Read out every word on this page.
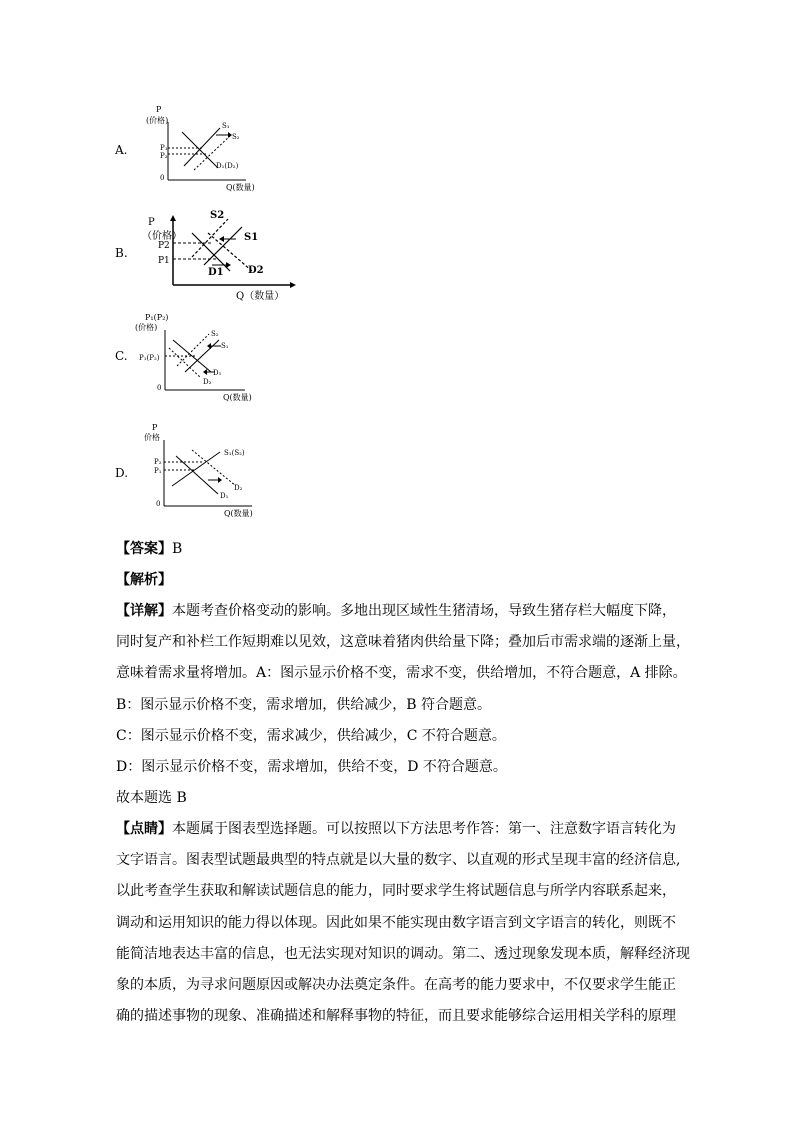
A.
P
(价格)
0
Q(数量)
S₁
S₂
P₁
P₂
D₁(D₂)
B.
P
（价格）
Q（数量）
S2
S1
P2
P1
D1 D2
C.
P₁(P₂)
(价格)
0
Q(数量)
S₂
S₁
P₁(P₂)
D₁
D₂
D.
P
价格
0
Q(数量)
S₁(S₂)
P₂
P₁
D₁
D₂
【答案】B
【解析】
【详解】本题考查价格变动的影响。多地出现区域性生猪清场，导致生猪存栏大幅度下降，
同时复产和补栏工作短期难以见效，这意味着猪肉供给量下降；叠加后市需求端的逐渐上量，
意味着需求量将增加。A：图示显示价格不变，需求不变，供给增加，不符合题意，A 排除。
B：图示显示价格不变，需求增加，供给减少，B 符合题意。
C：图示显示价格不变，需求减少，供给减少，C 不符合题意。
D：图示显示价格不变，需求增加，供给不变，D 不符合题意。
故本题选 B
【点睛】本题属于图表型选择题。可以按照以下方法思考作答：第一、注意数字语言转化为
文字语言。图表型试题最典型的特点就是以大量的数字、以直观的形式呈现丰富的经济信息,
以此考查学生获取和解读试题信息的能力，同时要求学生将试题信息与所学内容联系起来，
调动和运用知识的能力得以体现。因此如果不能实现由数字语言到文字语言的转化，则既不
能简洁地表达丰富的信息，也无法实现对知识的调动。第二、透过现象发现本质，解释经济现
象的本质，为寻求问题原因或解决办法奠定条件。在高考的能力要求中，不仅要求学生能正
确的描述事物的现象、准确描述和解释事物的特征，而且要求能够综合运用相关学科的原理
